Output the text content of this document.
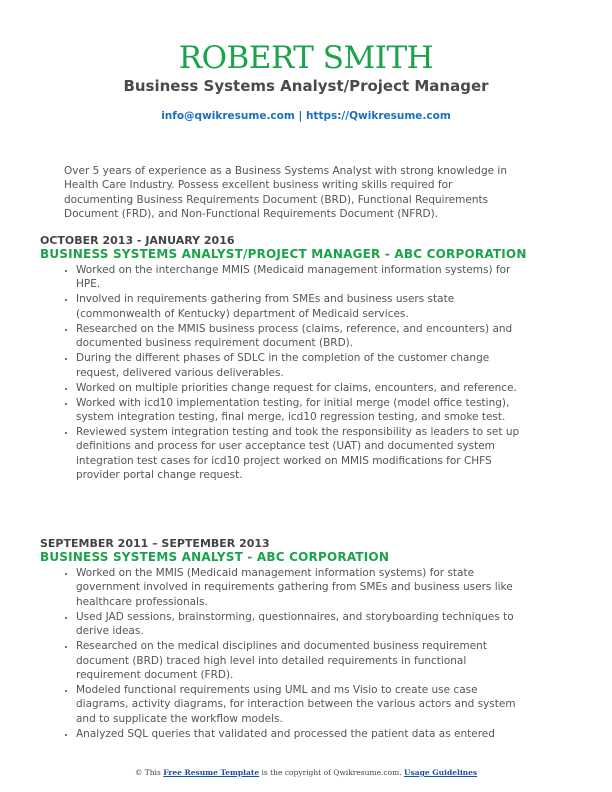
ROBERT SMITH
Business Systems Analyst/Project Manager
info@qwikresume.com | https://Qwikresume.com
Over 5 years of experience as a Business Systems Analyst with strong knowledge in Health Care Industry. Possess excellent business writing skills required for documenting Business Requirements Document (BRD), Functional Requirements Document (FRD), and Non-Functional Requirements Document (NFRD).
OCTOBER 2013 - JANUARY 2016
BUSINESS SYSTEMS ANALYST/PROJECT MANAGER - ABC CORPORATION
▪ Worked on the interchange MMIS (Medicaid management information systems) for HPE.
▪ Involved in requirements gathering from SMEs and business users state (commonwealth of Kentucky) department of Medicaid services.
▪ Researched on the MMIS business process (claims, reference, and encounters) and documented business requirement document (BRD).
▪ During the different phases of SDLC in the completion of the customer change request, delivered various deliverables.
▪ Worked on multiple priorities change request for claims, encounters, and reference.
▪ Worked with icd10 implementation testing, for initial merge (model office testing), system integration testing, final merge, icd10 regression testing, and smoke test.
▪ Reviewed system integration testing and took the responsibility as leaders to set up definitions and process for user acceptance test (UAT) and documented system integration test cases for icd10 project worked on MMIS modifications for CHFS provider portal change request.
SEPTEMBER 2011 – SEPTEMBER 2013
BUSINESS SYSTEMS ANALYST - ABC CORPORATION
▪ Worked on the MMIS (Medicaid management information systems) for state government involved in requirements gathering from SMEs and business users like healthcare professionals.
▪ Used JAD sessions, brainstorming, questionnaires, and storyboarding techniques to derive ideas.
▪ Researched on the medical disciplines and documented business requirement document (BRD) traced high level into detailed requirements in functional requirement document (FRD).
▪ Modeled functional requirements using UML and ms Visio to create use case diagrams, activity diagrams, for interaction between the various actors and system and to supplicate the workflow models.
▪ Analyzed SQL queries that validated and processed the patient data as entered
© This Free Resume Template is the copyright of Qwikresume.com. Usage Guidelines
